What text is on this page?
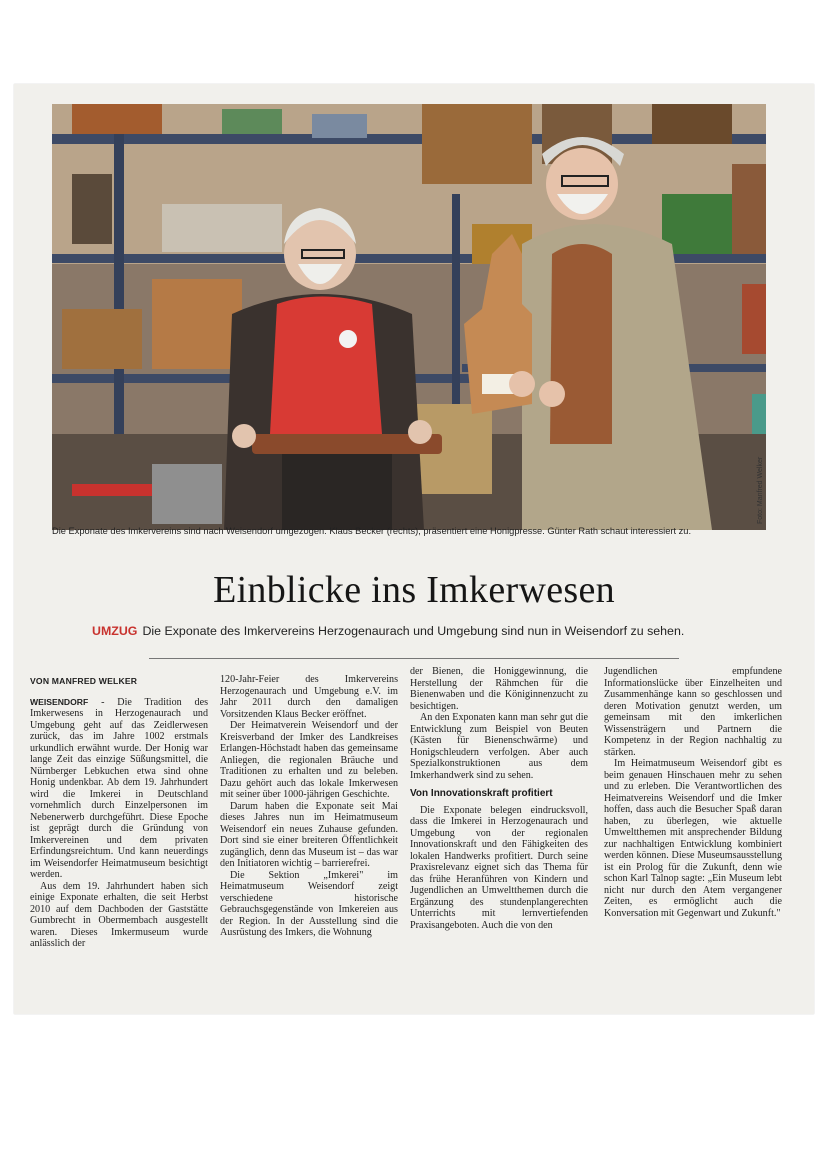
Foto: Manfred Welker
Die Exponate des Imkervereins sind nach Weisendorf umgezogen. Klaus Becker (rechts), präsentiert eine Honigpresse. Günter Rath schaut interessiert zu.
Einblicke ins Imkerwesen
UMZUG Die Exponate des Imkervereins Herzogenaurach und Umgebung sind nun in Weisendorf zu sehen.
VON MANFRED WELKER

WEISENDORF - Die Tradition des Imkerwesens in Herzogenaurach und Umgebung geht auf das Zeidlerwesen zurück, das im Jahre 1002 erstmals urkundlich erwähnt wurde. Der Honig war lange Zeit das einzige Süßungsmittel, die Nürnberger Lebkuchen etwa sind ohne Honig undenkbar. Ab dem 19. Jahrhundert wird die Imkerei in Deutschland vornehmlich durch Einzelpersonen im Nebenerwerb durchgeführt. Diese Epoche ist geprägt durch die Gründung von Imkervereinen und dem privaten Erfindungsreichtum. Und kann neuerdings im Weisendorfer Heimatmuseum besichtigt werden.

Aus dem 19. Jahrhundert haben sich einige Exponate erhalten, die seit Herbst 2010 auf dem Dachboden der Gaststätte Gumbrecht in Obermembach ausgestellt waren. Dieses Imkermuseum wurde anlässlich der

120-Jahr-Feier des Imkervereins Herzogenaurach und Umgebung e.V. im Jahr 2011 durch den damaligen Vorsitzenden Klaus Becker eröffnet.

Der Heimatverein Weisendorf und der Kreisverband der Imker des Landkreises Erlangen-Höchstadt haben das gemeinsame Anliegen, die regionalen Bräuche und Traditionen zu erhalten und zu beleben. Dazu gehört auch das lokale Imkerwesen mit seiner über 1000-jährigen Geschichte.

Darum haben die Exponate seit Mai dieses Jahres nun im Heimatmuseum Weisendorf ein neues Zuhause gefunden. Dort sind sie einer breiteren Öffentlichkeit zugänglich, denn das Museum ist – das war den Initiatoren wichtig – barrierefrei.

Die Sektion „Imkerei" im Heimatmuseum Weisendorf zeigt verschiedene historische Gebrauchsgegenstände von Imkereien aus der Region. In der Ausstellung sind die Ausrüstung des Imkers, die Wohnung

der Bienen, die Honiggewinnung, die Herstellung der Rähmchen für die Bienenwaben und die Königinnenzucht zu besichtigen.

An den Exponaten kann man sehr gut die Entwicklung zum Beispiel von Beuten (Kästen für Bienenschwärme) und Honigschleudern verfolgen. Aber auch Spezialkonstruktionen aus dem Imkerhandwerk sind zu sehen.

Von Innovationskraft profitiert

Die Exponate belegen eindrucksvoll, dass die Imkerei in Herzogenaurach und Umgebung von der regionalen Innovationskraft und den Fähigkeiten des lokalen Handwerks profitiert. Durch seine Praxisrelevanz eignet sich das Thema für das frühe Heranführen von Kindern und Jugendlichen an Umweltthemen durch die Ergänzung des stundenplangerechten Unterrichts mit lernvertiefenden Praxisangeboten. Auch die von den

Jugendlichen empfundene Informationslücke über Einzelheiten und Zusammenhänge kann so geschlossen und deren Motivation genutzt werden, um gemeinsam mit den imkerlichen Wissensträgern und Partnern die Kompetenz in der Region nachhaltig zu stärken.

Im Heimatmuseum Weisendorf gibt es beim genauen Hinschauen mehr zu sehen und zu erleben. Die Verantwortlichen des Heimatvereins Weisendorf und die Imker hoffen, dass auch die Besucher Spaß daran haben, zu überlegen, wie aktuelle Umweltthemen mit ansprechender Bildung zur nachhaltigen Entwicklung kombiniert werden können. Diese Museumsausstellung ist ein Prolog für die Zukunft, denn wie schon Karl Talnop sagte: „Ein Museum lebt nicht nur durch den Atem vergangener Zeiten, es ermöglicht auch die Konversation mit Gegenwart und Zukunft."
